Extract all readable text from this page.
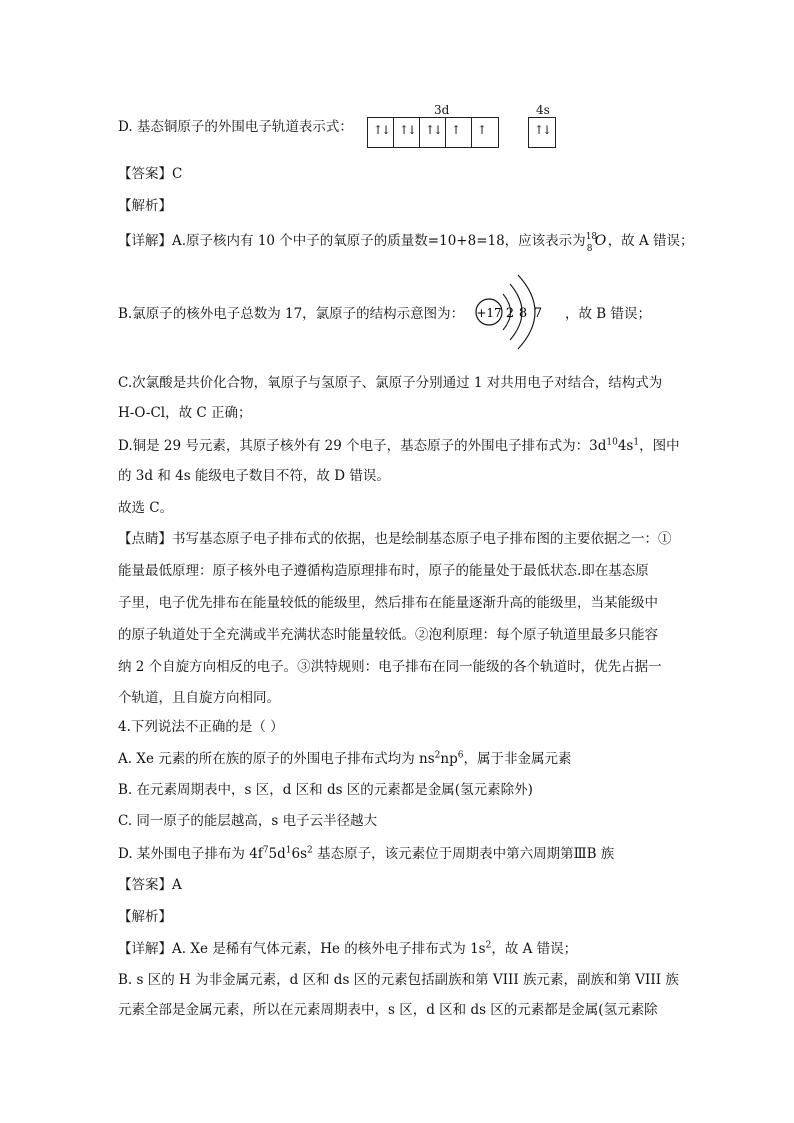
D. 基态铜原子的外围电子轨道表示式：
3d	4s
↑
↓ ↑
↓ ↑
↓ ↑ ↑	↑
↓
【答案】C
【解析】
【详解】A.原子核内有 10 个中子的氧原子的质量数=10+8=18，应该表示为 18
8 O ，故 A 错误；
B.氯原子的核外电子总数为 17，氯原子的结构示意图为： +17 2 8 7 ，故 B 错误；
C.次氯酸是共价化合物，氧原子与氢原子、氯原子分别通过 1 对共用电子对结合，结构式为
H-O-Cl，故 C 正确；
D.铜是 29 号元素，其原子核外有 29 个电子，基态原子的外围电子排布式为：$3d^{10}4s^1$，图中
的 3d 和 4s 能级电子数目不符，故 D 错误。
故选 C。
【点睛】书写基态原子电子排布式的依据，也是绘制基态原子电子排布图的主要依据之一：①
能量最低原理：原子核外电子遵循构造原理排布时，原子的能量处于最低状态.即在基态原
子里，电子优先排布在能量较低的能级里，然后排布在能量逐渐升高的能级里，当某能级中
的原子轨道处于全充满或半充满状态时能量较低。②泡利原理：每个原子轨道里最多只能容
纳 2 个自旋方向相反的电子。③洪特规则：电子排布在同一能级的各个轨道时，优先占据一
个轨道，且自旋方向相同。
4.下列说法不正确的是（ ）
A. Xe 元素的所在族的原子的外围电子排布式均为 $ns^2np^6$，属于非金属元素
B. 在元素周期表中，s 区，d 区和 ds 区的元素都是金属(氢元素除外)
C. 同一原子的能层越高，s 电子云半径越大
D. 某外围电子排布为 $4f^75d^16s^2$ 基态原子，该元素位于周期表中第六周期第ⅢB 族
【答案】A
【解析】
【详解】A. Xe 是稀有气体元素，He 的核外电子排布式为 $1s^2$，故 A 错误；
B. s 区的 H 为非金属元素，d 区和 ds 区的元素包括副族和第 VIII 族元素，副族和第 VIII 族
元素全部是金属元素，所以在元素周期表中，s 区，d 区和 ds 区的元素都是金属(氢元素除
